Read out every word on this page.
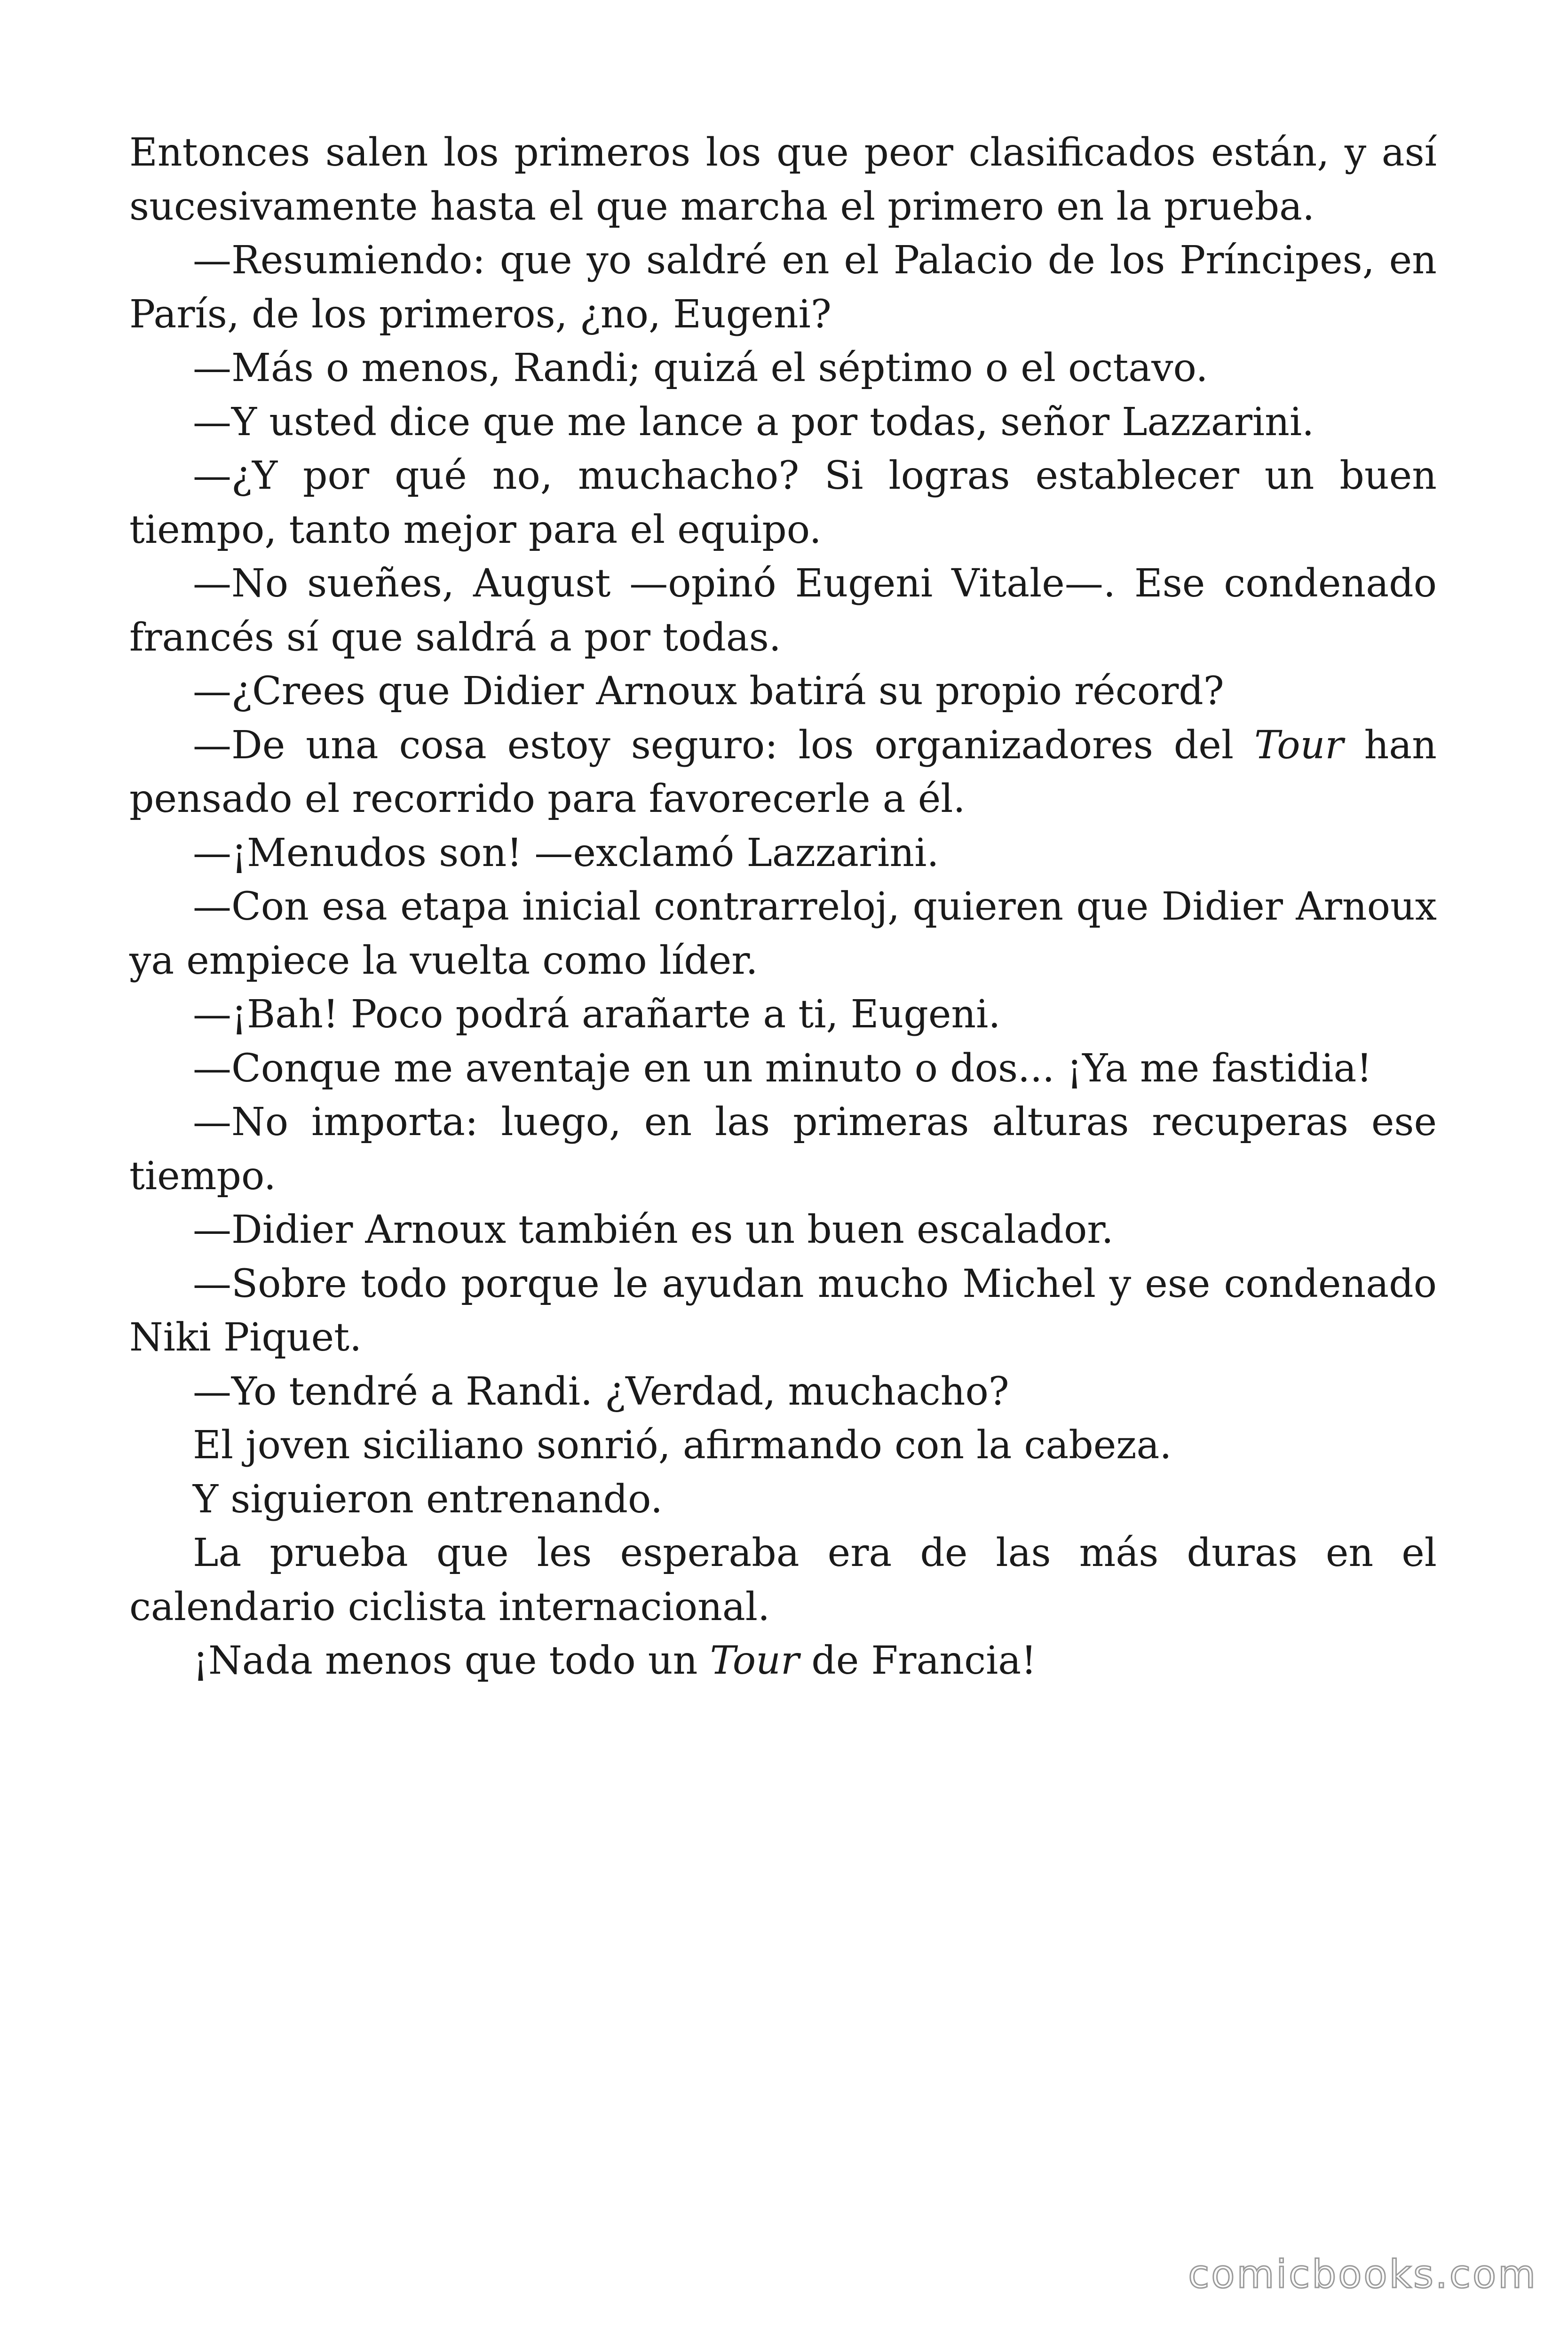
Entonces salen los primeros los que peor clasificados están, y así sucesivamente hasta el que marcha el primero en la prueba.

—Resumiendo: que yo saldré en el Palacio de los Príncipes, en París, de los primeros, ¿no, Eugeni?

—Más o menos, Randi; quizá el séptimo o el octavo.

—Y usted dice que me lance a por todas, señor Lazzarini.

—¿Y por qué no, muchacho? Si logras establecer un buen tiempo, tanto mejor para el equipo.

—No sueñes, August —opinó Eugeni Vitale—. Ese condenado francés sí que saldrá a por todas.

—¿Crees que Didier Arnoux batirá su propio récord?

—De una cosa estoy seguro: los organizadores del Tour han pensado el recorrido para favorecerle a él.

—¡Menudos son! —exclamó Lazzarini.

—Con esa etapa inicial contrarreloj, quieren que Didier Arnoux ya empiece la vuelta como líder.

—¡Bah! Poco podrá arañarte a ti, Eugeni.

—Conque me aventaje en un minuto o dos... ¡Ya me fastidia!

—No importa: luego, en las primeras alturas recuperas ese tiempo.

—Didier Arnoux también es un buen escalador.

—Sobre todo porque le ayudan mucho Michel y ese condenado Niki Piquet.

—Yo tendré a Randi. ¿Verdad, muchacho?

El joven siciliano sonrió, afirmando con la cabeza.

Y siguieron entrenando.

La prueba que les esperaba era de las más duras en el calendario ciclista internacional.

¡Nada menos que todo un Tour de Francia!

comicbooks.com
